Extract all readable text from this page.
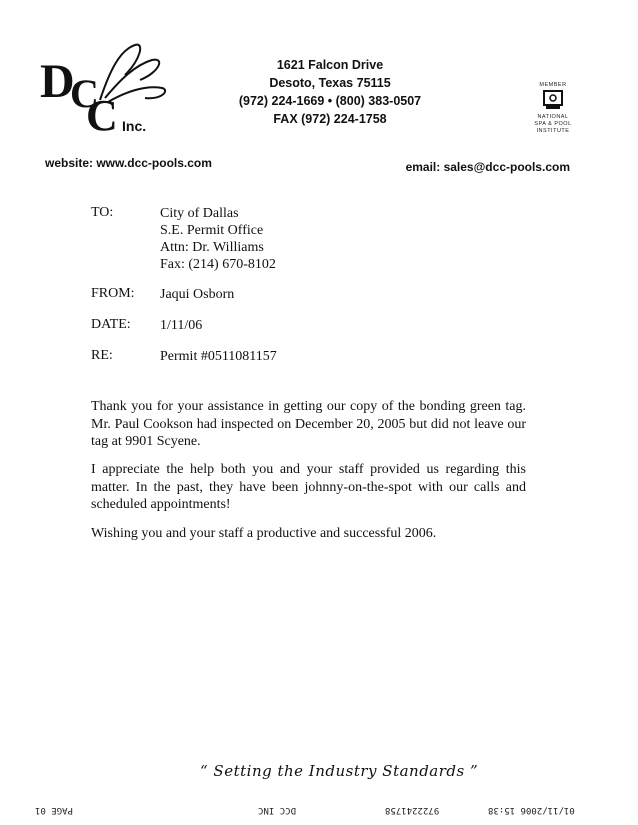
D
C
C Inc.
1621 Falcon Drive
Desoto, Texas 75115
(972) 224-1669 • (800) 383-0507
FAX (972) 224-1758
MEMBER
NATIONAL
SPA & POOL
INSTITUTE
website: www.dcc-pools.com	email: sales@dcc-pools.com
TO:	City of Dallas
S.E. Permit Office
Attn: Dr. Williams
Fax: (214) 670-8102
FROM: Jaqui Osborn
DATE: 1/11/06
RE:	Permit #0511081157
Thank you for your assistance in getting our copy of the bonding green tag. Mr. Paul Cookson had inspected on December 20, 2005 but did not leave our tag at 9901 Scyene.
I appreciate the help both you and your staff provided us regarding this matter. In the past, they have been johnny-on-the-spot with our calls and scheduled appointments!
Wishing you and your staff a productive and successful 2006.
“ Setting the Industry Standards ”
PAGE 01	DCC INC	9722241758	01/11/2006 15:38
